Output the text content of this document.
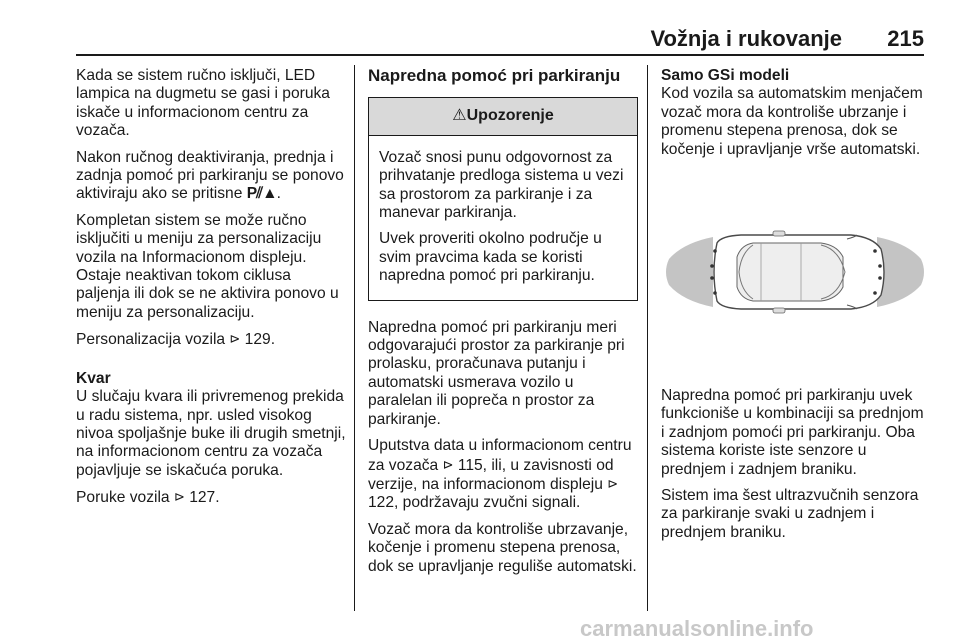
Vožnja i rukovanje 215

Kada se sistem ručno isključi, LED lampica na dugmetu se gasi i poruka iskače u informacionom centru za vozača.

Nakon ručnog deaktiviranja, prednja i zadnja pomoć pri parkiranju se ponovo aktiviraju ako se pritisne P⫽▲.

Kompletan sistem se može ručno isključiti u meniju za personalizaciju vozila na Informacionom displeju. Ostaje neaktivan tokom ciklusa paljenja ili dok se ne aktivira ponovo u meniju za personalizaciju.

Personalizacija vozila ⊳ 129.

Kvar

U slučaju kvara ili privremenog prekida u radu sistema, npr. usled visokog nivoa spoljašnje buke ili drugih smetnji, na informacionom centru za vozača pojavljuje se iskačuća poruka.

Poruke vozila ⊳ 127.

Napredna pomoć pri parkiranju
⚠Upozorenje

Vozač snosi punu odgovornost za prihvatanje predloga sistema u vezi sa prostorom za parkiranje i za manevar parkiranja.

Uvek proveriti okolno područje u svim pravcima kada se koristi napredna pomoć pri parkiranju.

Napredna pomoć pri parkiranju meri odgovarajući prostor za parkiranje pri prolasku, proračunava putanju i automatski usmerava vozilo u paralelan ili popreča n prostor za parkiranje.

Uputstva data u informacionom centru za vozača ⊳ 115, ili, u zavisnosti od verzije, na informacionom displeju ⊳ 122, podržavaju zvučni signali.

Vozač mora da kontroliše ubrzavanje, kočenje i promenu stepena prenosa, dok se upravljanje reguliše automatski.

Samo GSi modeli

Kod vozila sa automatskim menjačem vozač mora da kontroliše ubrzanje i promenu stepena prenosa, dok se kočenje i upravljanje vrše automatski.

Napredna pomoć pri parkiranju uvek funkcioniše u kombinaciji sa prednjom i zadnjom pomoći pri parkiranju. Oba sistema koriste iste senzore u prednjem i zadnjem braniku.

Sistem ima šest ultrazvučnih senzora za parkiranje svaki u zadnjem i prednjem braniku.

carmanualsonline.info
